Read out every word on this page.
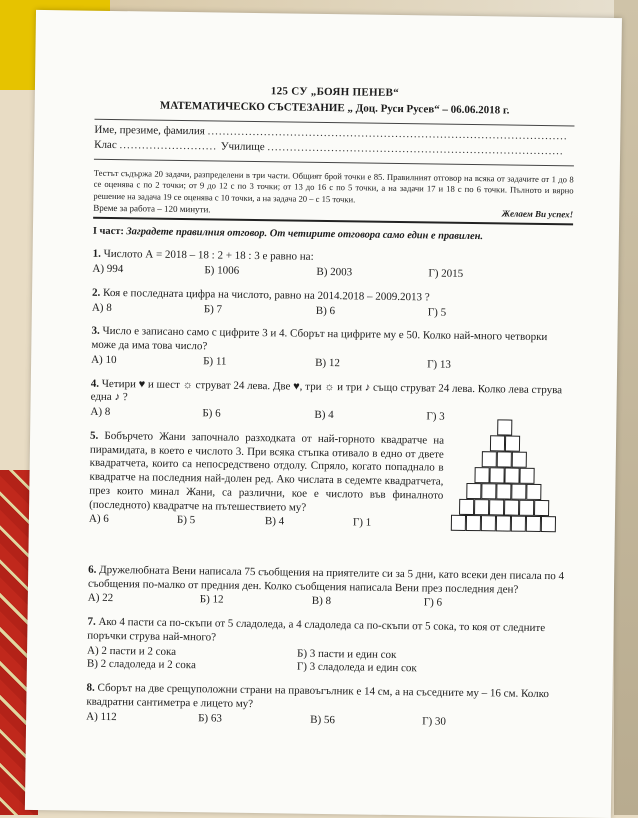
125 СУ „БОЯН ПЕНЕВ“
МАТЕМАТИЧЕСКО СЪСТЕЗАНИЕ „ Доц. Руси Русев“ – 06.06.2018 г.
Име, презиме, фамилия ................................................................................................
Клас .......................... Училище ...............................................................................
Тестът съдържа 20 задачи, разпределени в три части. Общият брой точки е 85. Правилният отговор на всяка от задачите от 1 до 8 се оценява с по 2 точки; от 9 до 12 с по 3 точки; от 13 до 16 с по 5 точки, а на задачи 17 и 18 с по 6 точки. Пълното и вярно решение на задача 19 се оценява с 10 точки, а на задача 20 – с 15 точки.
Време за работа – 120 минути.	Желаем Ви успех!
I част: Заградете правилния отговор. От четирите отговора само един е правилен.
1. Числото А = 2018 – 18 : 2 + 18 : 3 е равно на:
А) 994	Б) 1006	В) 2003	Г) 2015
2. Коя е последната цифра на числото, равно на 2014.2018 – 2009.2013 ?
А) 8	Б) 7	В) 6	Г) 5
3. Число е записано само с цифрите 3 и 4. Сборът на цифрите му е 50. Колко най-много четворки може да има това число?
А) 10	Б) 11	В) 12	Г) 13
4. Четири ♥ и шест ☼ струват 24 лева. Две ♥, три ☼ и три ♪ също струват 24 лева. Колко лева струва една ♪ ?
А) 8	Б) 6	В) 4	Г) 3
5. Бобърчето Жани започнало разходката от най-горното квадратче на пирамидата, в което е числото 3. При всяка стъпка отивало в едно от двете квадратчета, които са непосредствено отдолу. Спряло, когато попаднало в квадратче на последния най-долен ред. Ако числата в седемте квадратчета, през които минал Жани, са различни, кое е числото във финалното (последното) квадратче на пътешествието му?
А) 6	Б) 5	В) 4	Г) 1
6. Дружелюбната Вени написала 75 съобщения на приятелите си за 5 дни, като всеки ден писала по 4 съобщения по-малко от предния ден. Колко съобщения написала Вени през последния ден?
А) 22	Б) 12	В) 8	Г) 6
7. Ако 4 пасти са по-скъпи от 5 сладоледа, а 4 сладоледа са по-скъпи от 5 сока, то коя от следните поръчки струва най-много?
А) 2 пасти и 2 сока	Б) 3 пасти и един сок
В) 2 сладоледа и 2 сока	Г) 3 сладоледа и един сок
8. Сборът на две срещуположни страни на правоъгълник е 14 см, а на съседните му – 16 см. Колко квадратни сантиметра е лицето му?
А) 112	Б) 63	В) 56	Г) 30
